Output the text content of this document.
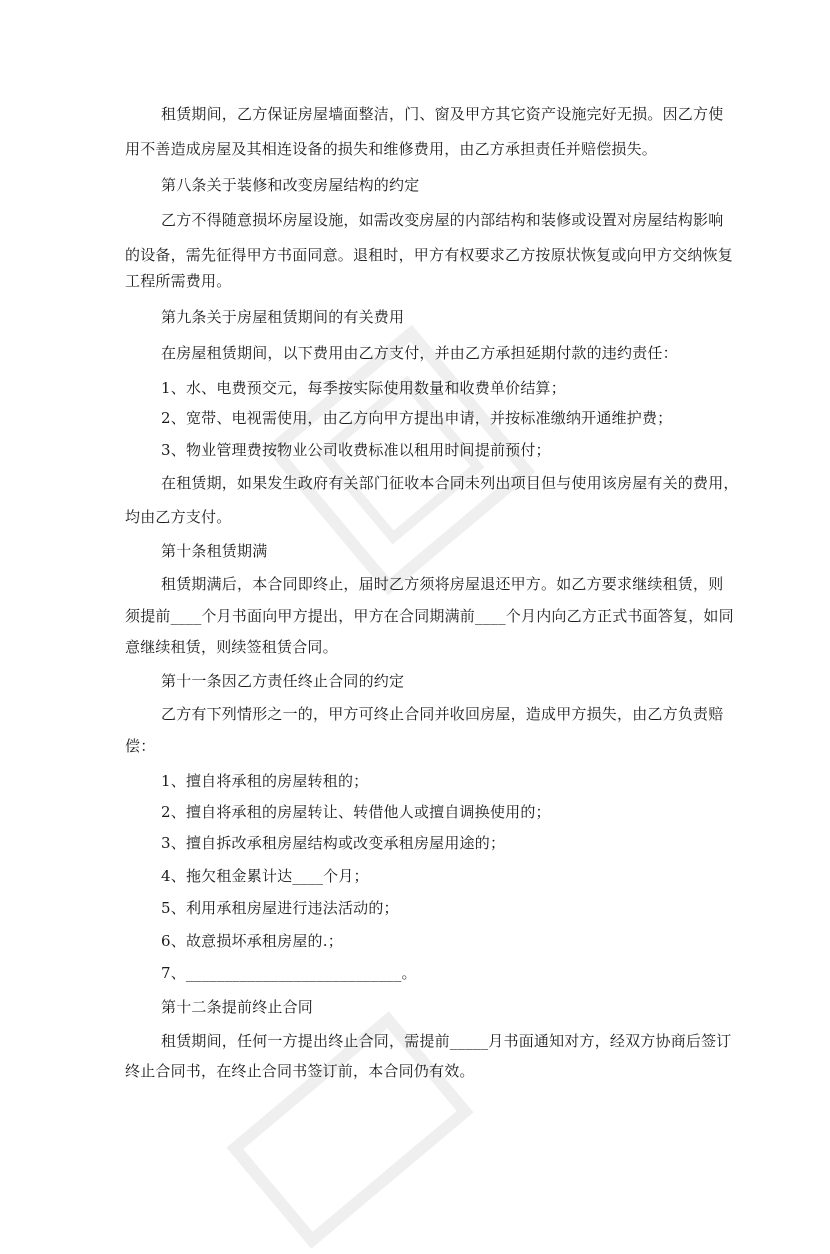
租赁期间，乙方保证房屋墙面整洁，门、窗及甲方其它资产设施完好无损。因乙方使
用不善造成房屋及其相连设备的损失和维修费用，由乙方承担责任并赔偿损失。
第八条关于装修和改变房屋结构的约定
乙方不得随意损坏房屋设施，如需改变房屋的内部结构和装修或设置对房屋结构影响
的设备，需先征得甲方书面同意。退租时，甲方有权要求乙方按原状恢复或向甲方交纳恢复
工程所需费用。
第九条关于房屋租赁期间的有关费用
在房屋租赁期间，以下费用由乙方支付，并由乙方承担延期付款的违约责任：
1、水、电费预交元，每季按实际使用数量和收费单价结算；
2、宽带、电视需使用，由乙方向甲方提出申请，并按标准缴纳开通维护费；
3、物业管理费按物业公司收费标准以租用时间提前预付；
在租赁期，如果发生政府有关部门征收本合同未列出项目但与使用该房屋有关的费用，
均由乙方支付。
第十条租赁期满
租赁期满后，本合同即终止，届时乙方须将房屋退还甲方。如乙方要求继续租赁，则
须提前____个月书面向甲方提出，甲方在合同期满前____个月内向乙方正式书面答复，如同
意继续租赁，则续签租赁合同。
第十一条因乙方责任终止合同的约定
乙方有下列情形之一的，甲方可终止合同并收回房屋，造成甲方损失，由乙方负责赔
偿：
1、擅自将承租的房屋转租的；
2、擅自将承租的房屋转让、转借他人或擅自调换使用的；
3、擅自拆改承租房屋结构或改变承租房屋用途的；
4、拖欠租金累计达____个月；
5、利用承租房屋进行违法活动的；
6、故意损坏承租房屋的.；
7、____________________________。
第十二条提前终止合同
租赁期间，任何一方提出终止合同，需提前_____月书面通知对方，经双方协商后签订
终止合同书，在终止合同书签订前，本合同仍有效。
